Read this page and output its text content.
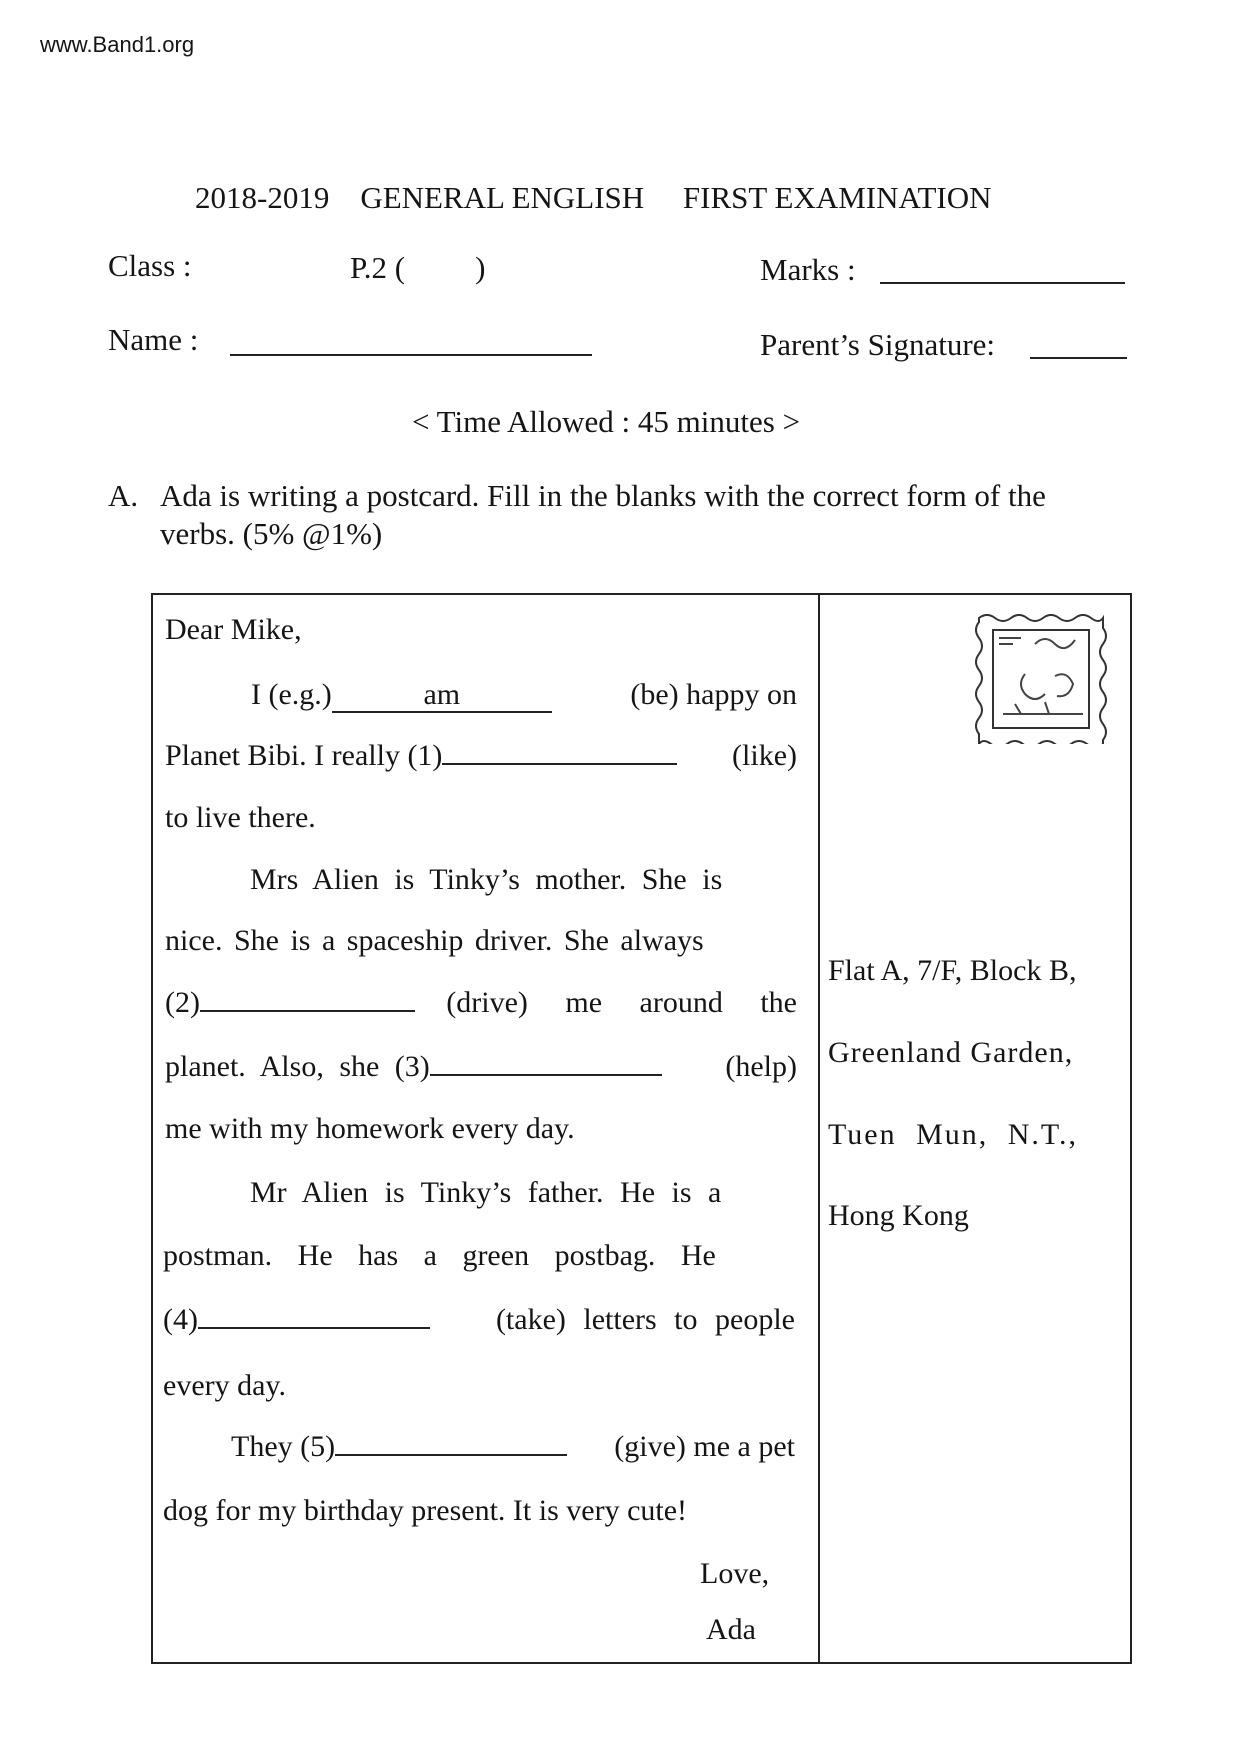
www.Band1.org
2018-2019 GENERAL ENGLISH FIRST EXAMINATION
Class :	P.2 ( )	Marks :
Name :	Parent’s Signature:
< Time Allowed : 45 minutes >
A. Ada is writing a postcard. Fill in the blanks with the correct form of the
verbs. (5% @1%)
Dear Mike,
I (e.g.)	am	(be) happy on
Planet Bibi. I really (1)	(like)
to live there.
Mrs Alien is Tinky’s mother. She is
nice. She is a spaceship driver. She always
(2)	(drive) me around the
planet. Also, she (3)	(help)
me with my homework every day.
Mr Alien is Tinky’s father. He is a
postman. He has a green postbag. He
(4)	(take) letters to people
every day.
They (5)	(give) me a pet
dog for my birthday present. It is very cute!
Love,
Ada
Flat A, 7/F, Block B,
Greenland Garden,
Tuen Mun, N.T.,
Hong Kong
